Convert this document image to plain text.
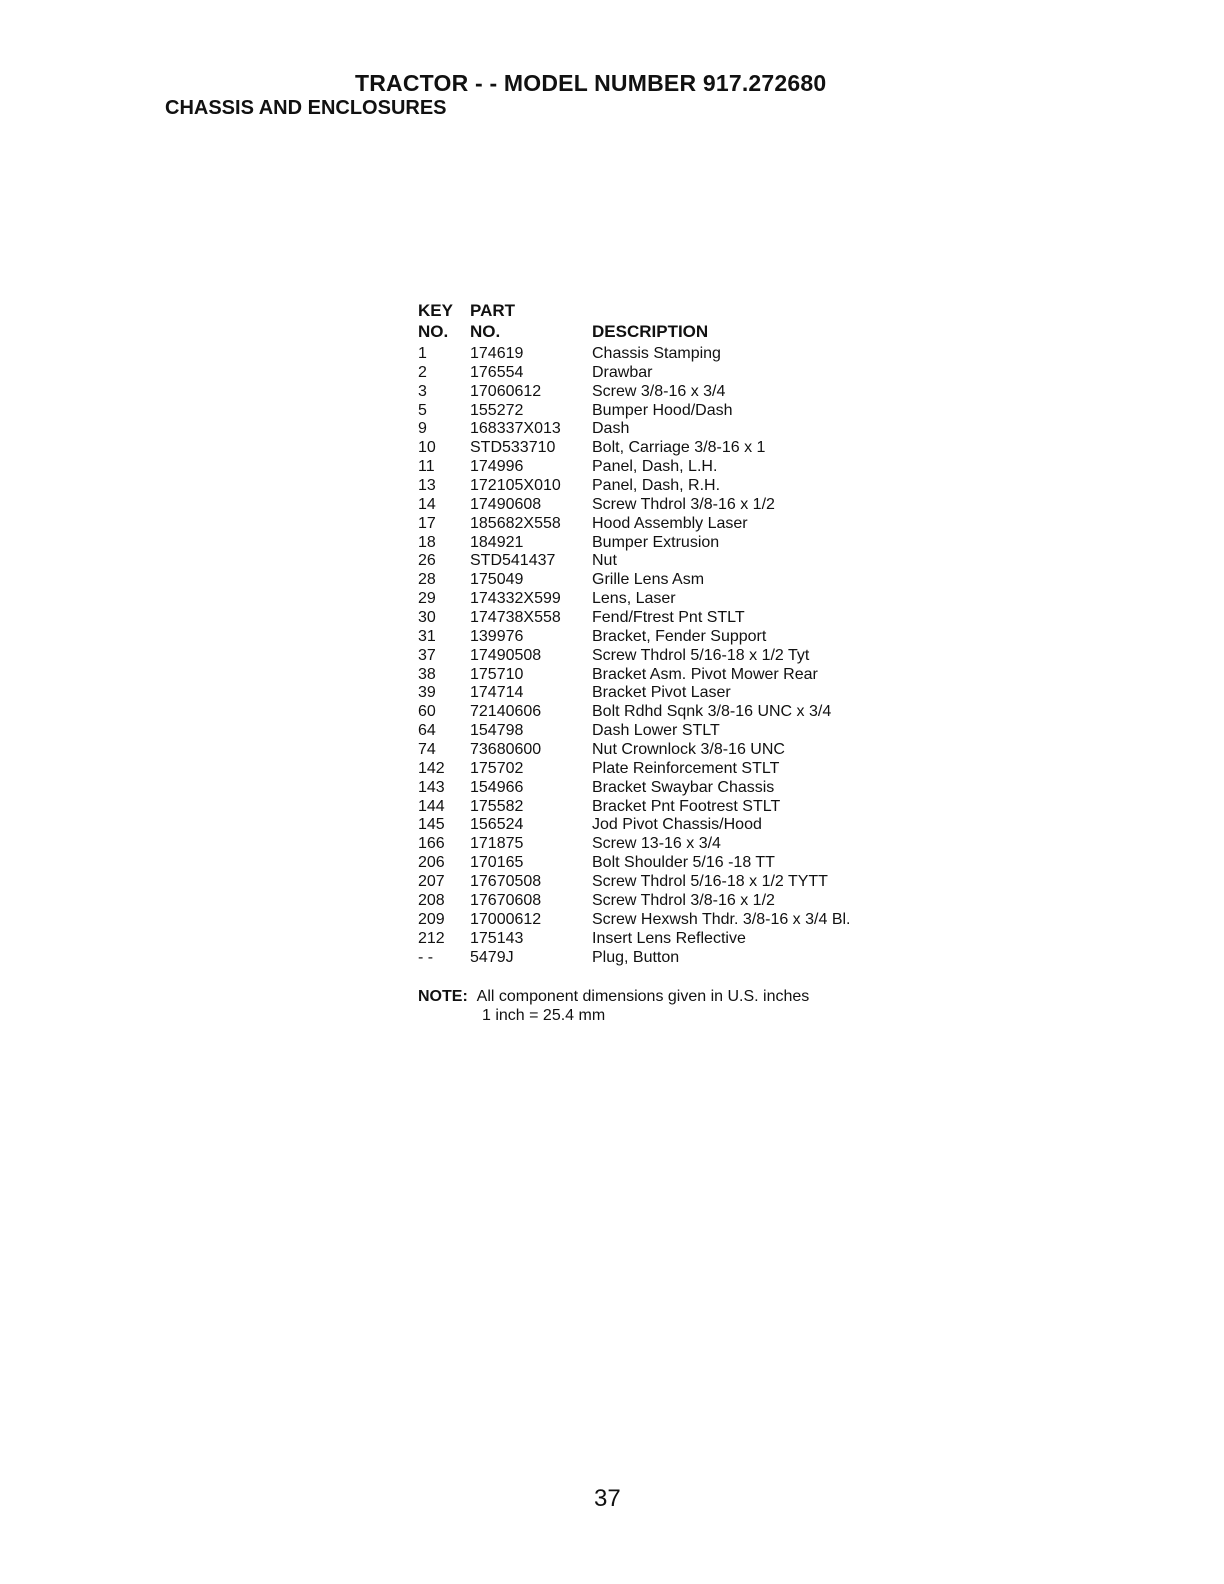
TRACTOR - - MODEL NUMBER 917.272680
CHASSIS AND ENCLOSURES
KEY PART
NO. NO.	DESCRIPTION
1	174619	Chassis Stamping
2	176554	Drawbar
3	17060612	Screw 3/8-16 x 3/4
5	155272	Bumper Hood/Dash
9	168337X013 Dash
10 STD533710 Bolt, Carriage 3/8-16 x 1
11 174996	Panel, Dash, L.H.
13 172105X010 Panel, Dash, R.H.
14 17490608	Screw Thdrol 3/8-16 x 1/2
17 185682X558 Hood Assembly Laser
18 184921	Bumper Extrusion
26 STD541437 Nut
28 175049	Grille Lens Asm
29 174332X599 Lens, Laser
30 174738X558 Fend/Ftrest Pnt STLT
31 139976	Bracket, Fender Support
37 17490508	Screw Thdrol 5/16-18 x 1/2 Tyt
38 175710	Bracket Asm. Pivot Mower Rear
39 174714	Bracket Pivot Laser
60 72140606	Bolt Rdhd Sqnk 3/8-16 UNC x 3/4
64 154798	Dash Lower STLT
74 73680600	Nut Crownlock 3/8-16 UNC
142 175702	Plate Reinforcement STLT
143 154966	Bracket Swaybar Chassis
144 175582	Bracket Pnt Footrest STLT
145 156524	Jod Pivot Chassis/Hood
166 171875	Screw 13-16 x 3/4
206 170165	Bolt Shoulder 5/16 -18 TT
207 17670508	Screw Thdrol 5/16-18 x 1/2 TYTT
208 17670608	Screw Thdrol 3/8-16 x 1/2
209 17000612	Screw Hexwsh Thdr. 3/8-16 x 3/4 Bl.
212 175143	Insert Lens Reflective
- - 5479J	Plug, Button
NOTE: All component dimensions given in U.S. inches
1 inch = 25.4 mm
37
